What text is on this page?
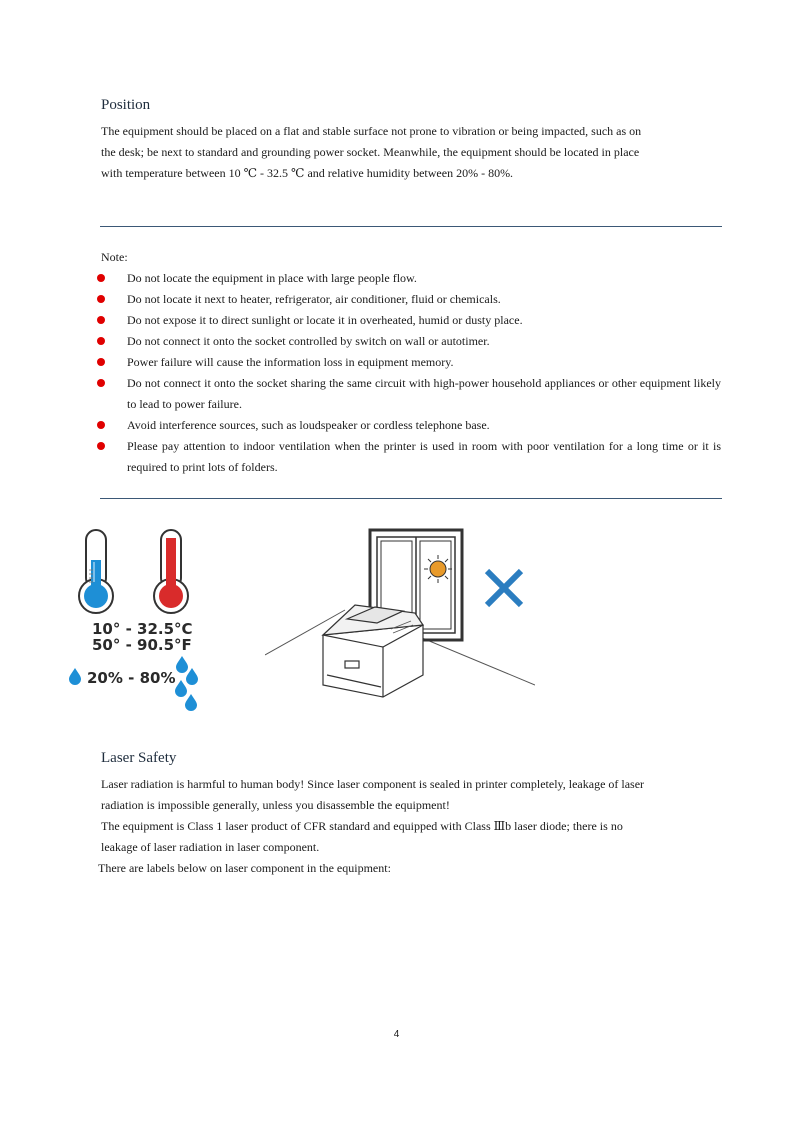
Position

The equipment should be placed on a flat and stable surface not prone to vibration or being impacted, such as on

the desk; be next to standard and grounding power socket. Meanwhile, the equipment should be located in place

with temperature between 10 ℃ - 32.5 ℃ and relative humidity between 20% - 80%.

Note:
Do not locate the equipment in place with large people flow.
Do not locate it next to heater, refrigerator, air conditioner, fluid or chemicals.
Do not expose it to direct sunlight or locate it in overheated, humid or dusty place.
Do not connect it onto the socket controlled by switch on wall or autotimer.
Power failure will cause the information loss in equipment memory.
Do not connect it onto the socket sharing the same circuit with high-power household appliances or other equipment likely to lead to power failure.
Avoid interference sources, such as loudspeaker or cordless telephone base.
Please pay attention to indoor ventilation when the printer is used in room with poor ventilation for a long time or it is required to print lots of folders.
10° - 32.5°C
50° - 90.5°F
20% - 80%
Laser Safety

Laser radiation is harmful to human body! Since laser component is sealed in printer completely, leakage of laser

radiation is impossible generally, unless you disassemble the equipment!

The equipment is Class 1 laser product of CFR standard and equipped with Class Ⅲb laser diode; there is no

leakage of laser radiation in laser component.

There are labels below on laser component in the equipment:

4
